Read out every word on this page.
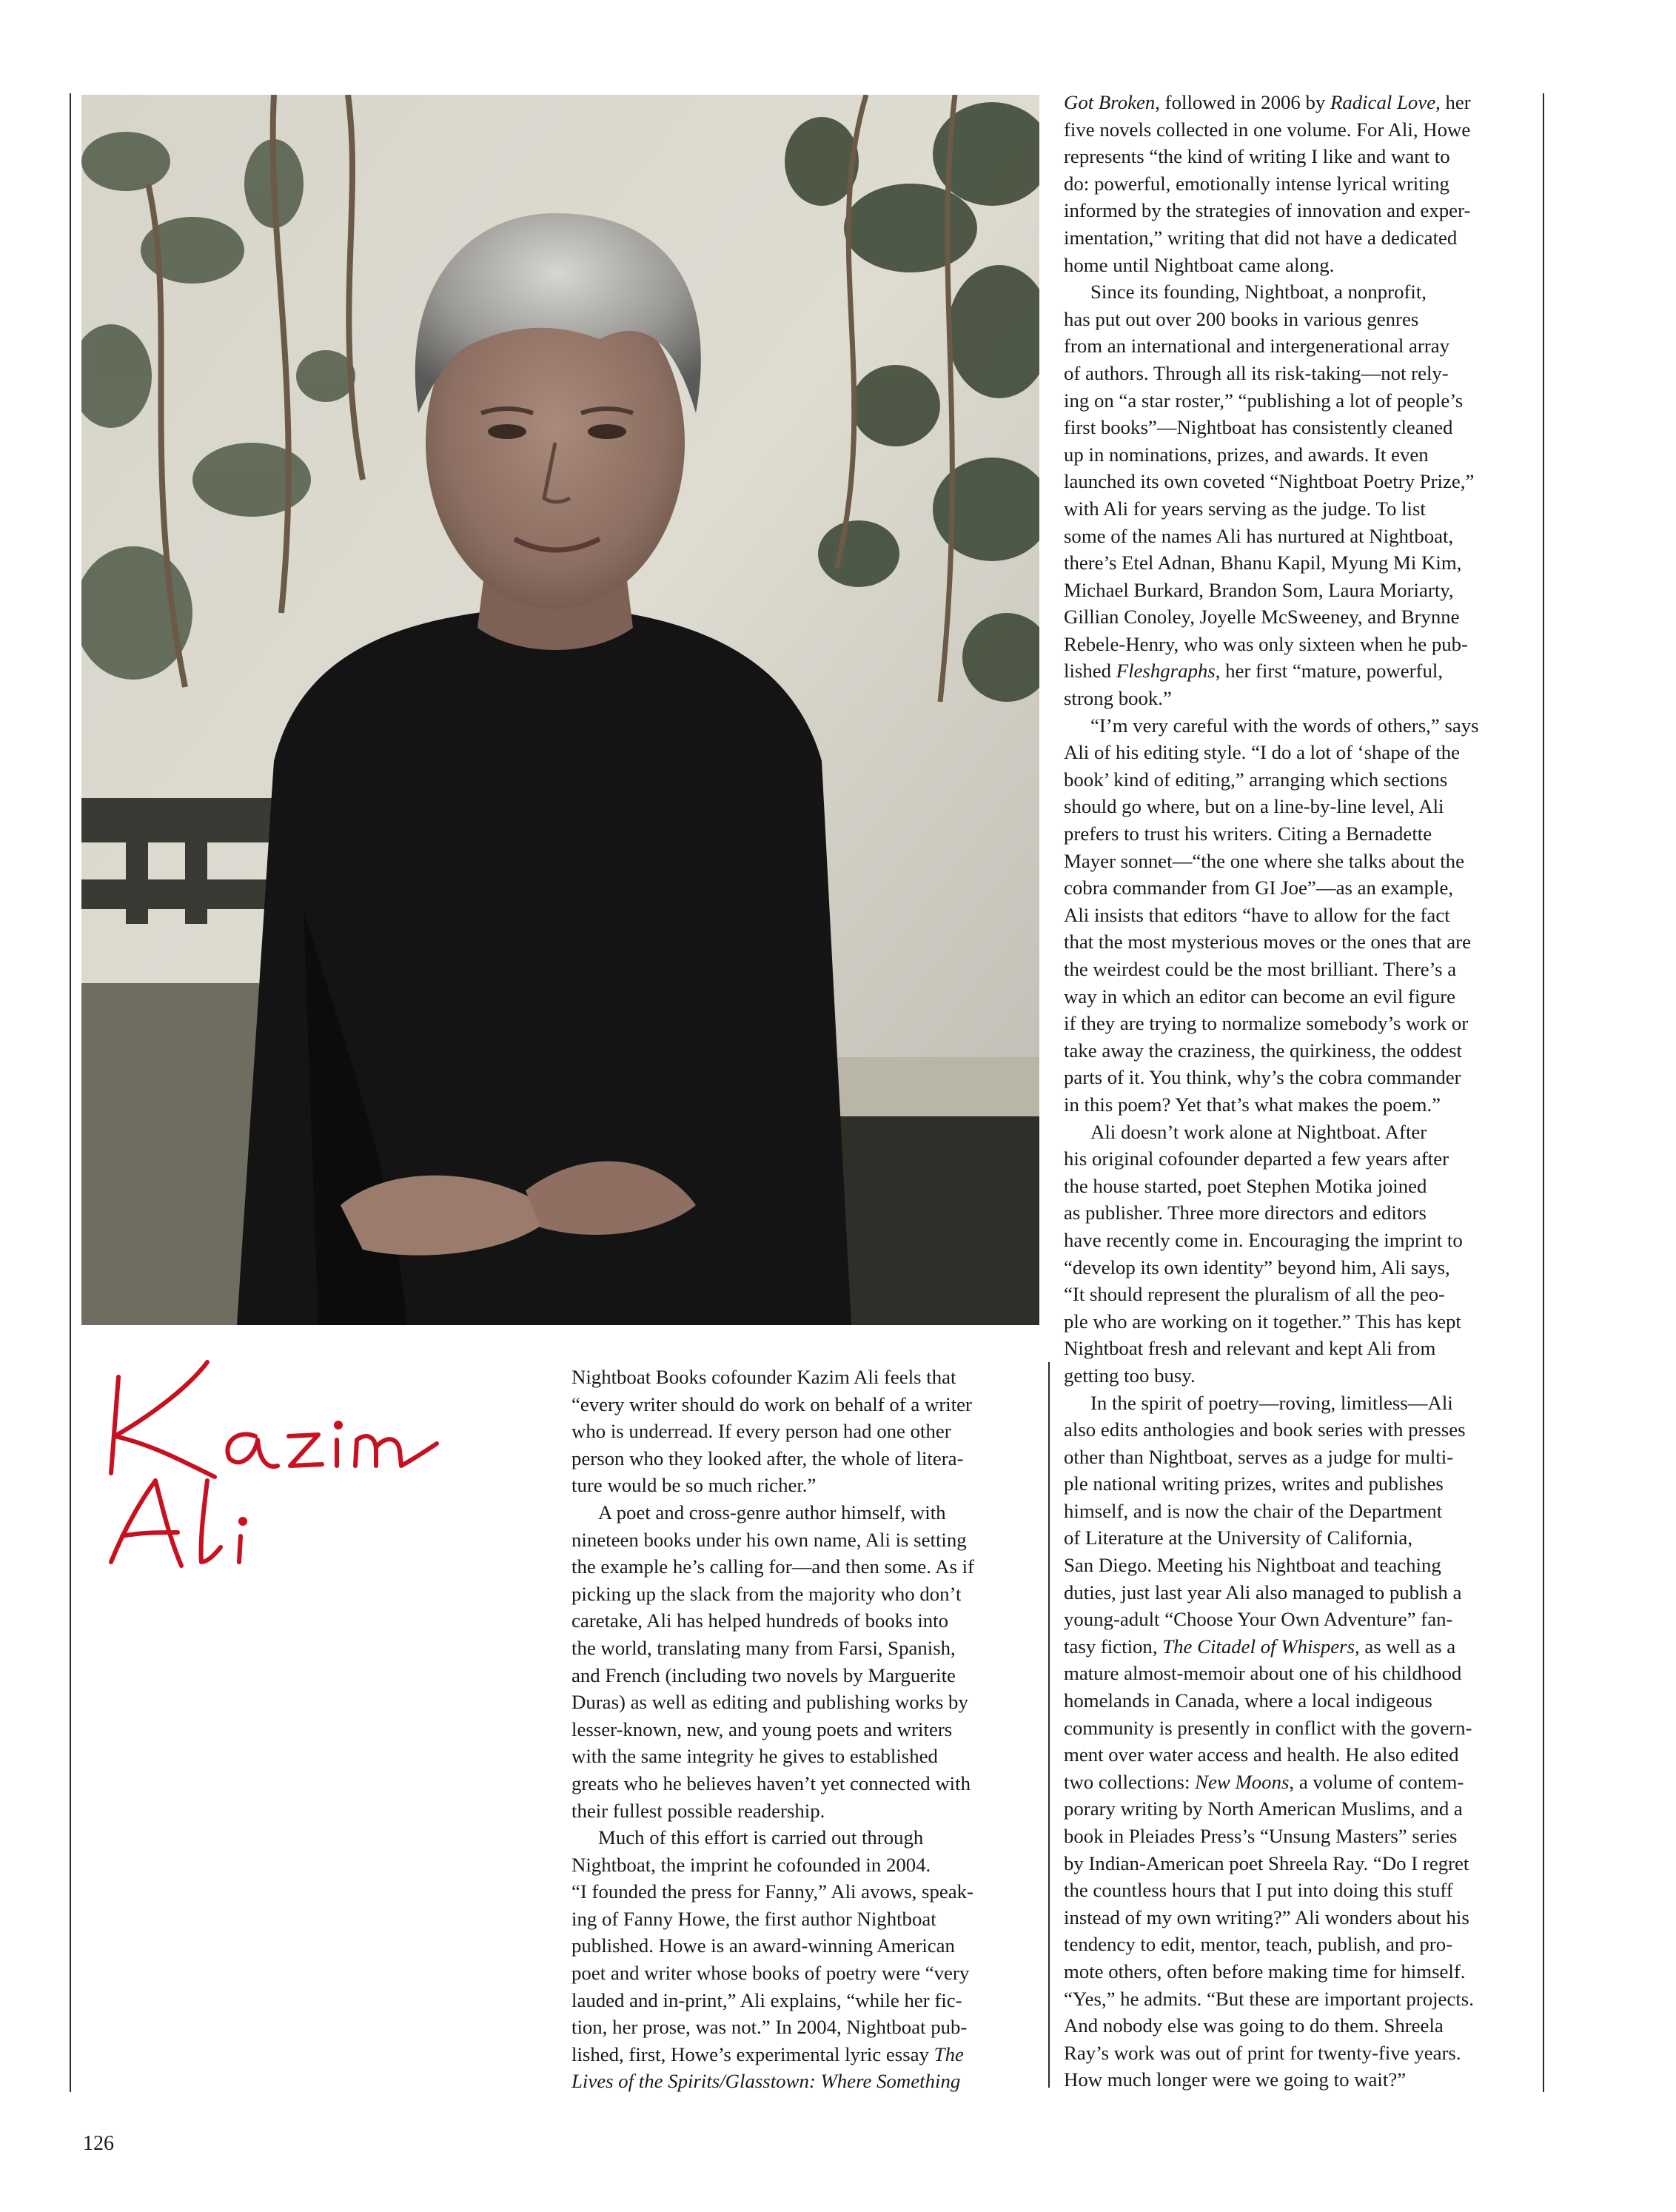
Nightboat Books cofounder Kazim Ali feels that
“every writer should do work on behalf of a writer
who is underread. If every person had one other
person who they looked after, the whole of litera-
ture would be so much richer.”

A poet and cross-genre author himself, with
nineteen books under his own name, Ali is setting
the example he’s calling for—and then some. As if
picking up the slack from the majority who don’t
caretake, Ali has helped hundreds of books into
the world, translating many from Farsi, Spanish,
and French (including two novels by Marguerite
Duras) as well as editing and publishing works by
lesser-known, new, and young poets and writers
with the same integrity he gives to established
greats who he believes haven’t yet connected with
their fullest possible readership.

Much of this effort is carried out through
Nightboat, the imprint he cofounded in 2004.
“I founded the press for Fanny,” Ali avows, speak-
ing of Fanny Howe, the first author Nightboat
published. Howe is an award-winning American
poet and writer whose books of poetry were “very
lauded and in-print,” Ali explains, “while her fic-
tion, her prose, was not.” In 2004, Nightboat pub-
lished, first, Howe’s experimental lyric essay The
Lives of the Spirits/Glasstown: Where Something

Got Broken, followed in 2006 by Radical Love, her
five novels collected in one volume. For Ali, Howe
represents “the kind of writing I like and want to
do: powerful, emotionally intense lyrical writing
informed by the strategies of innovation and exper-
imentation,” writing that did not have a dedicated
home until Nightboat came along.

Since its founding, Nightboat, a nonprofit,
has put out over 200 books in various genres
from an international and intergenerational array
of authors. Through all its risk-taking—not rely-
ing on “a star roster,” “publishing a lot of people’s
first books”—Nightboat has consistently cleaned
up in nominations, prizes, and awards. It even
launched its own coveted “Nightboat Poetry Prize,”
with Ali for years serving as the judge. To list
some of the names Ali has nurtured at Nightboat,
there’s Etel Adnan, Bhanu Kapil, Myung Mi Kim,
Michael Burkard, Brandon Som, Laura Moriarty,
Gillian Conoley, Joyelle McSweeney, and Brynne
Rebele-Henry, who was only sixteen when he pub-
lished Fleshgraphs, her first “mature, powerful,
strong book.”

“I’m very careful with the words of others,” says
Ali of his editing style. “I do a lot of ‘shape of the
book’ kind of editing,” arranging which sections
should go where, but on a line-by-line level, Ali
prefers to trust his writers. Citing a Bernadette
Mayer sonnet—“the one where she talks about the
cobra commander from GI Joe”—as an example,
Ali insists that editors “have to allow for the fact
that the most mysterious moves or the ones that are
the weirdest could be the most brilliant. There’s a
way in which an editor can become an evil figure
if they are trying to normalize somebody’s work or
take away the craziness, the quirkiness, the oddest
parts of it. You think, why’s the cobra commander
in this poem? Yet that’s what makes the poem.”

Ali doesn’t work alone at Nightboat. After
his original cofounder departed a few years after
the house started, poet Stephen Motika joined
as publisher. Three more directors and editors
have recently come in. Encouraging the imprint to
“develop its own identity” beyond him, Ali says,
“It should represent the pluralism of all the peo-
ple who are working on it together.” This has kept
Nightboat fresh and relevant and kept Ali from
getting too busy.

In the spirit of poetry—roving, limitless—Ali
also edits anthologies and book series with presses
other than Nightboat, serves as a judge for multi-
ple national writing prizes, writes and publishes
himself, and is now the chair of the Department
of Literature at the University of California,
San Diego. Meeting his Nightboat and teaching
duties, just last year Ali also managed to publish a
young-adult “Choose Your Own Adventure” fan-
tasy fiction, The Citadel of Whispers, as well as a
mature almost-memoir about one of his childhood
homelands in Canada, where a local indigeous
community is presently in conflict with the govern-
ment over water access and health. He also edited
two collections: New Moons, a volume of contem-
porary writing by North American Muslims, and a
book in Pleiades Press’s “Unsung Masters” series
by Indian-American poet Shreela Ray. “Do I regret
the countless hours that I put into doing this stuff
instead of my own writing?” Ali wonders about his
tendency to edit, mentor, teach, publish, and pro-
mote others, often before making time for himself.
“Yes,” he admits. “But these are important projects.
And nobody else was going to do them. Shreela
Ray’s work was out of print for twenty-five years.
How much longer were we going to wait?”

126
